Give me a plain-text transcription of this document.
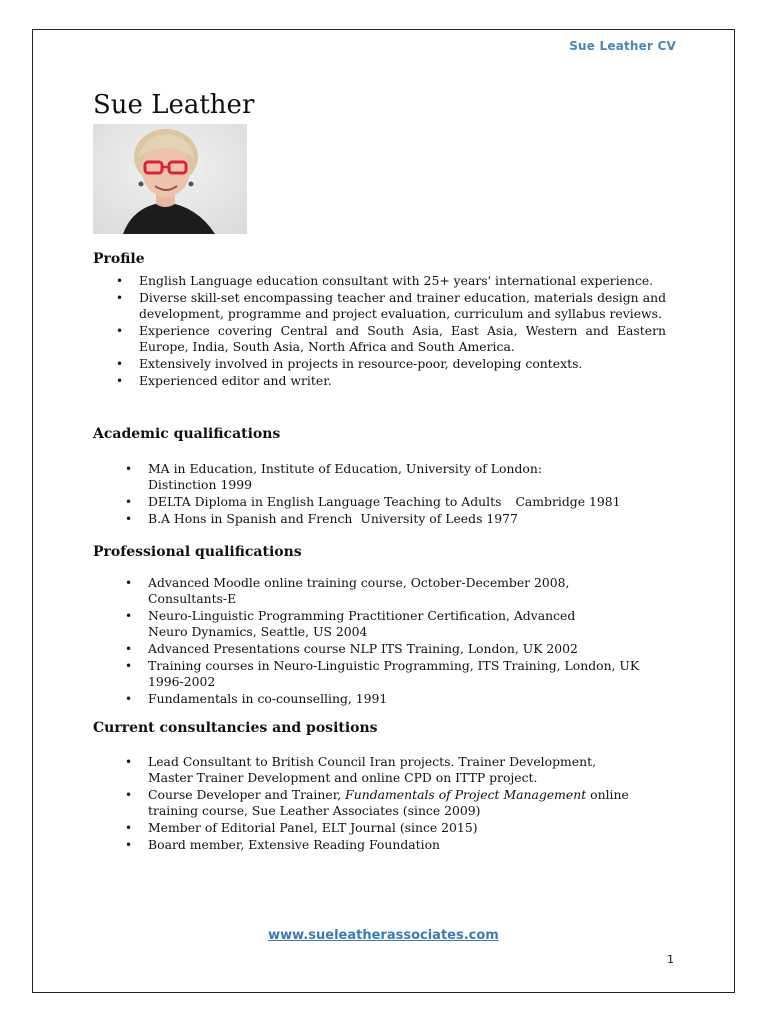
Sue Leather CV
Sue Leather
Profile
• English Language education consultant with 25+ years' international experience.
• Diverse skill-set encompassing teacher and trainer education, materials design and development, programme and project evaluation, curriculum and syllabus reviews.
• Experience covering Central and South Asia, East Asia, Western and Eastern Europe, India, South Asia, North Africa and South America.
• Extensively involved in projects in resource-poor, developing contexts.
• Experienced editor and writer.
Academic qualifications
• MA in Education, Institute of Education, University of London:
Distinction 1999
• DELTA Diploma in English Language Teaching to Adults Cambridge 1981
• B.A Hons in Spanish and French University of Leeds 1977
Professional qualifications
• Advanced Moodle online training course, October-December 2008,
Consultants-E
• Neuro-Linguistic Programming Practitioner Certification, Advanced
Neuro Dynamics, Seattle, US 2004
• Advanced Presentations course NLP ITS Training, London, UK 2002
• Training courses in Neuro-Linguistic Programming, ITS Training, London, UK
1996-2002
• Fundamentals in co-counselling, 1991
Current consultancies and positions
• Lead Consultant to British Council Iran projects. Trainer Development,
Master Trainer Development and online CPD on ITTP project.
• Course Developer and Trainer, Fundamentals of Project Management online
training course, Sue Leather Associates (since 2009)
• Member of Editorial Panel, ELT Journal (since 2015)
• Board member, Extensive Reading Foundation
www.sueleatherassociates.com
1
